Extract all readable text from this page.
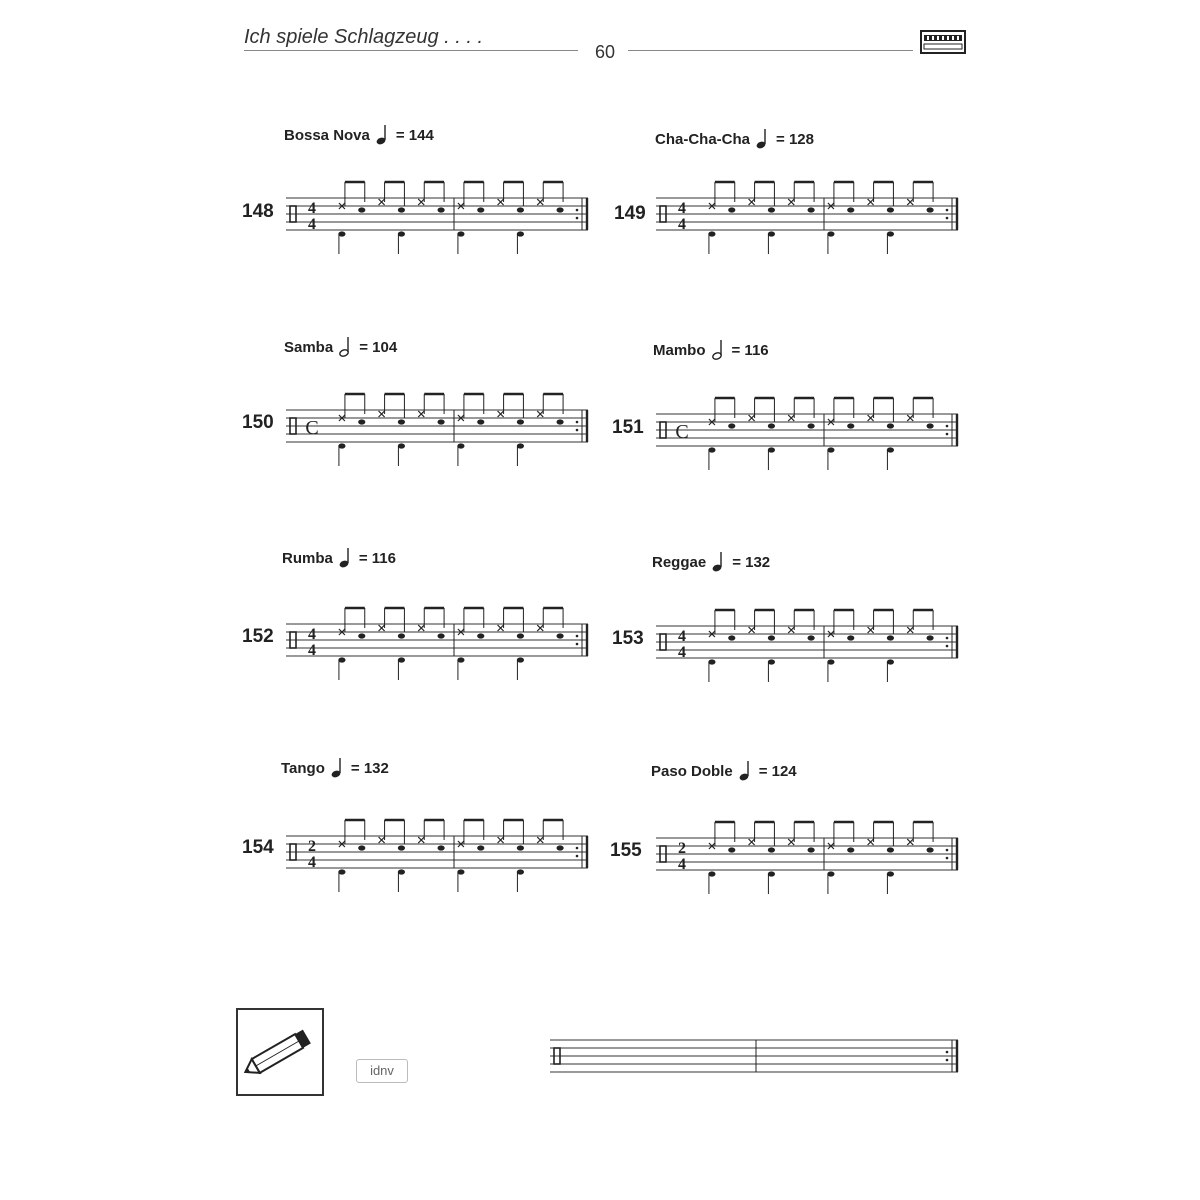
Ich spiele Schlagzeug . . . .
60
Bossa Nova = 144
148
Cha-Cha-Cha = 128
149
Samba = 104
150
Mambo = 116
151
Rumba = 116
152
Reggae = 132
153
Tango = 132
154
Paso Doble = 124
155
4
4
4
4
C	C
4
4
4
4
2
4
2
4
idnv
